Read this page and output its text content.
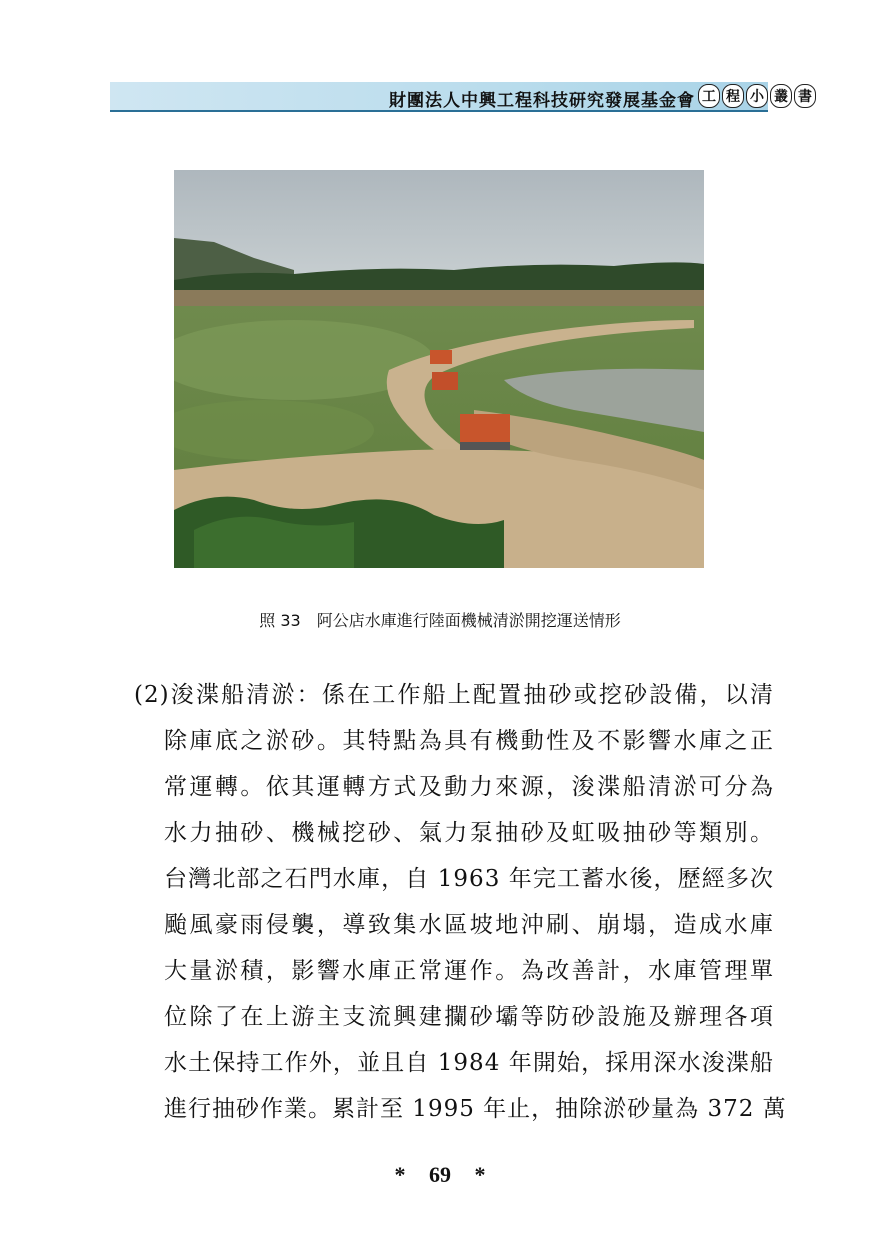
財團法人中興工程科技研究發展基金會 工 程 小 叢 書
照 33　阿公店水庫進行陸面機械清淤開挖運送情形
(2)浚渫船清淤：係在工作船上配置抽砂或挖砂設備，以清
除庫底之淤砂。其特點為具有機動性及不影響水庫之正
常運轉。依其運轉方式及動力來源，浚渫船清淤可分為
水力抽砂、機械挖砂、氣力泵抽砂及虹吸抽砂等類別。
台灣北部之石門水庫，自 1963 年完工蓄水後，歷經多次
颱風豪雨侵襲，導致集水區坡地沖刷、崩塌，造成水庫
大量淤積，影響水庫正常運作。為改善計，水庫管理單
位除了在上游主支流興建攔砂壩等防砂設施及辦理各項
水土保持工作外，並且自 1984 年開始，採用深水浚渫船
進行抽砂作業。累計至 1995 年止，抽除淤砂量為 372 萬
* 69 *
